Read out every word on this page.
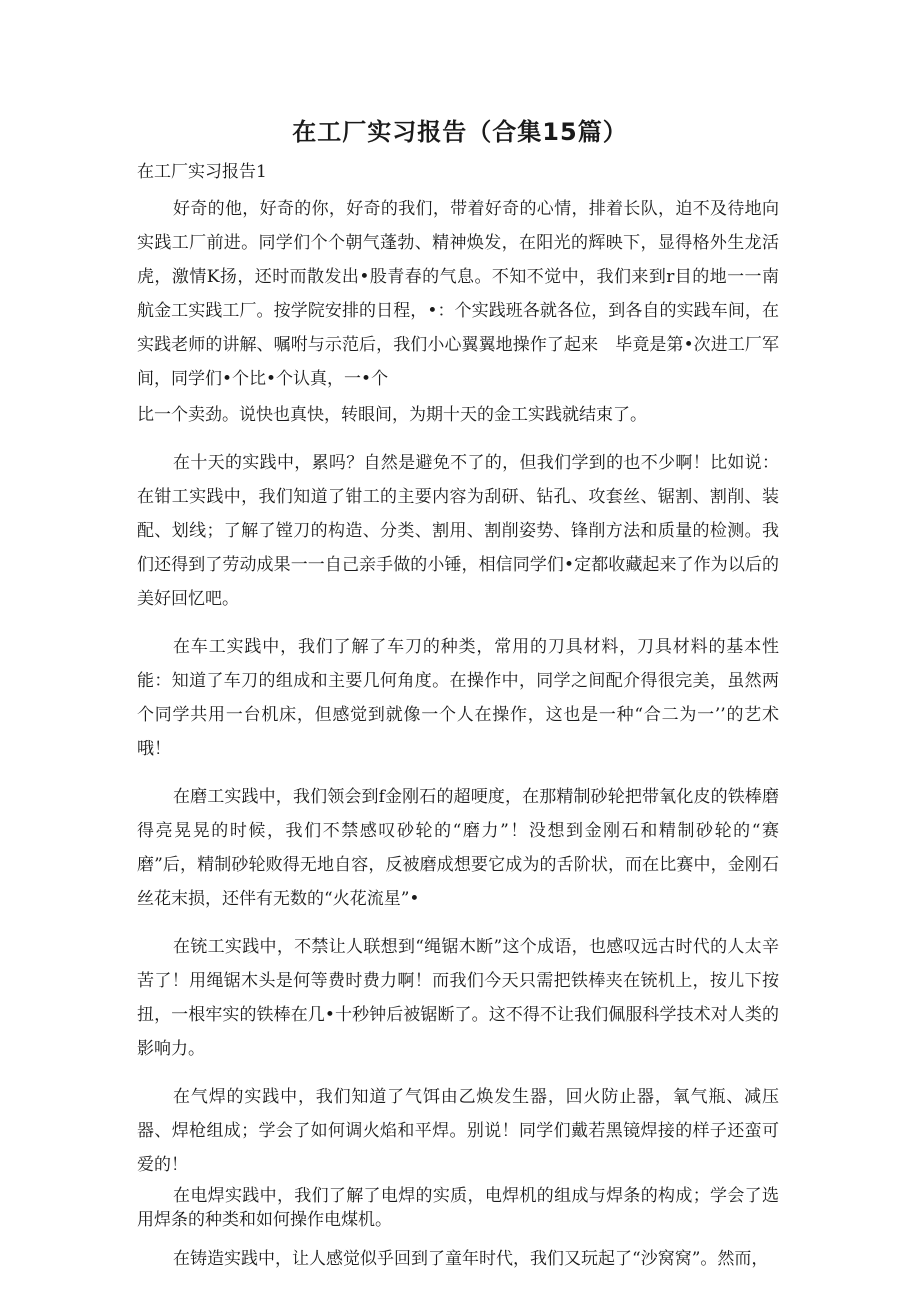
在工厂实习报告（合集15篇）

在工厂实习报告1

好奇的他，好奇的你，好奇的我们，带着好奇的心情，排着长队，迫不及待地向实践工厂前进。同学们个个朝气蓬勃、精神焕发，在阳光的辉映下，显得格外生龙活虎，激情K扬，还时而散发出•股青春的气息。不知不觉中，我们来到r目的地一一南航金工实践工厂。按学院安排的日程，•：个实践班各就各位，到各自的实践车间，在实践老师的讲解、嘱咐与示范后，我们小心翼翼地操作了起来　毕竟是第•次进工厂军间，同学们•个比•个认真，一•个

比一个卖劲。说快也真快，转眼间，为期十天的金工实践就结束了。

在十天的实践中，累吗？自然是避免不了的，但我们学到的也不少啊！比如说：在钳工实践中，我们知道了钳工的主要内容为刮研、钻孔、攻套丝、锯割、割削、装配、划线；了解了镗刀的构造、分类、割用、割削姿势、锋削方法和质量的检测。我们还得到了劳动成果一一自己亲手做的小锤，相信同学们•定都收藏起来了作为以后的美好回忆吧。

在车工实践中，我们了解了车刀的种类，常用的刀具材料，刀具材料的基本性能：知道了车刀的组成和主要几何角度。在操作中，同学之间配介得很完美，虽然两个同学共用一台机床，但感觉到就像一个人在操作，这也是一种“合二为一’’的艺术哦！

在磨工实践中，我们领会到f金刚石的超哽度，在那精制砂轮把带氧化皮的铁棒磨得亮晃晃的时候，我们不禁感叹砂轮的“磨力”！没想到金刚石和精制砂轮的“赛磨”后，精制砂轮败得无地自容，反被磨成想要它成为的舌阶状，而在比赛中，金刚石丝花末损，还伴有无数的“火花流星”•

在铳工实践中，不禁让人联想到“绳锯木断”这个成语，也感叹远古时代的人太辛苦了！用绳锯木头是何等费时费力啊！而我们今天只需把铁棒夹在铳机上，按儿下按扭，一根牢实的铁棒在几•十秒钟后被锯断了。这不得不让我们佩服科学技术对人类的影响力。

在气焊的实践中，我们知道了气饵由乙焕发生器，回火防止器，氧气瓶、减压器、焊枪组成；学会了如何调火焰和平焊。别说！同学们戴若黑镜焊接的样子还蛮可爱的！

在电焊实践中，我们了解了电焊的实质，电焊机的组成与焊条的构成；学会了选用焊条的种类和如何操作电煤机。

在铸造实践中，让人感觉似乎回到了童年时代，我们又玩起了“沙窝窝”。然而，
